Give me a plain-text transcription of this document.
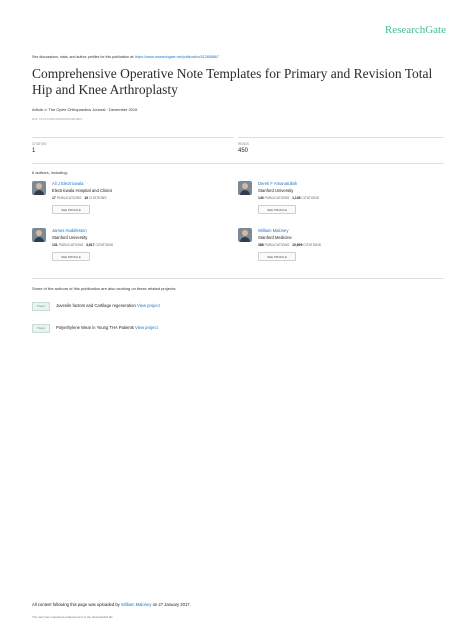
ResearchGate
See discussions, stats, and author profiles for this publication at: https://www.researchgate.net/publication/312858867
Comprehensive Operative Note Templates for Primary and Revision Total Hip and Knee Arthroplasty
Article in The Open Orthopaedics Journal · December 2016
DOI: 10.2174/1874325001610010807
CITATION
1
READS
450
6 authors, including:
Ali J Electricwala
Electricwala Hospital and Clinics
17 PUBLICATIONS 19 CITATIONS
SEE PROFILE
Derek F Amanatullah
Stanford University
140 PUBLICATIONS 1,135 CITATIONS
SEE PROFILE
James Huddleston
Stanford University
131 PUBLICATIONS 3,617 CITATIONS
SEE PROFILE
William Maloney
Stanford Medicine
388 PUBLICATIONS 10,699 CITATIONS
SEE PROFILE
Some of the authors of this publication are also working on these related projects:
Project	Juvenile factors and Cartilage regeneration View project
Project	Polyethylene Wear in Young THA Patients View project
All content following this page was uploaded by William Maloney on 27 January 2017.
The user has requested enhancement of the downloaded file.
